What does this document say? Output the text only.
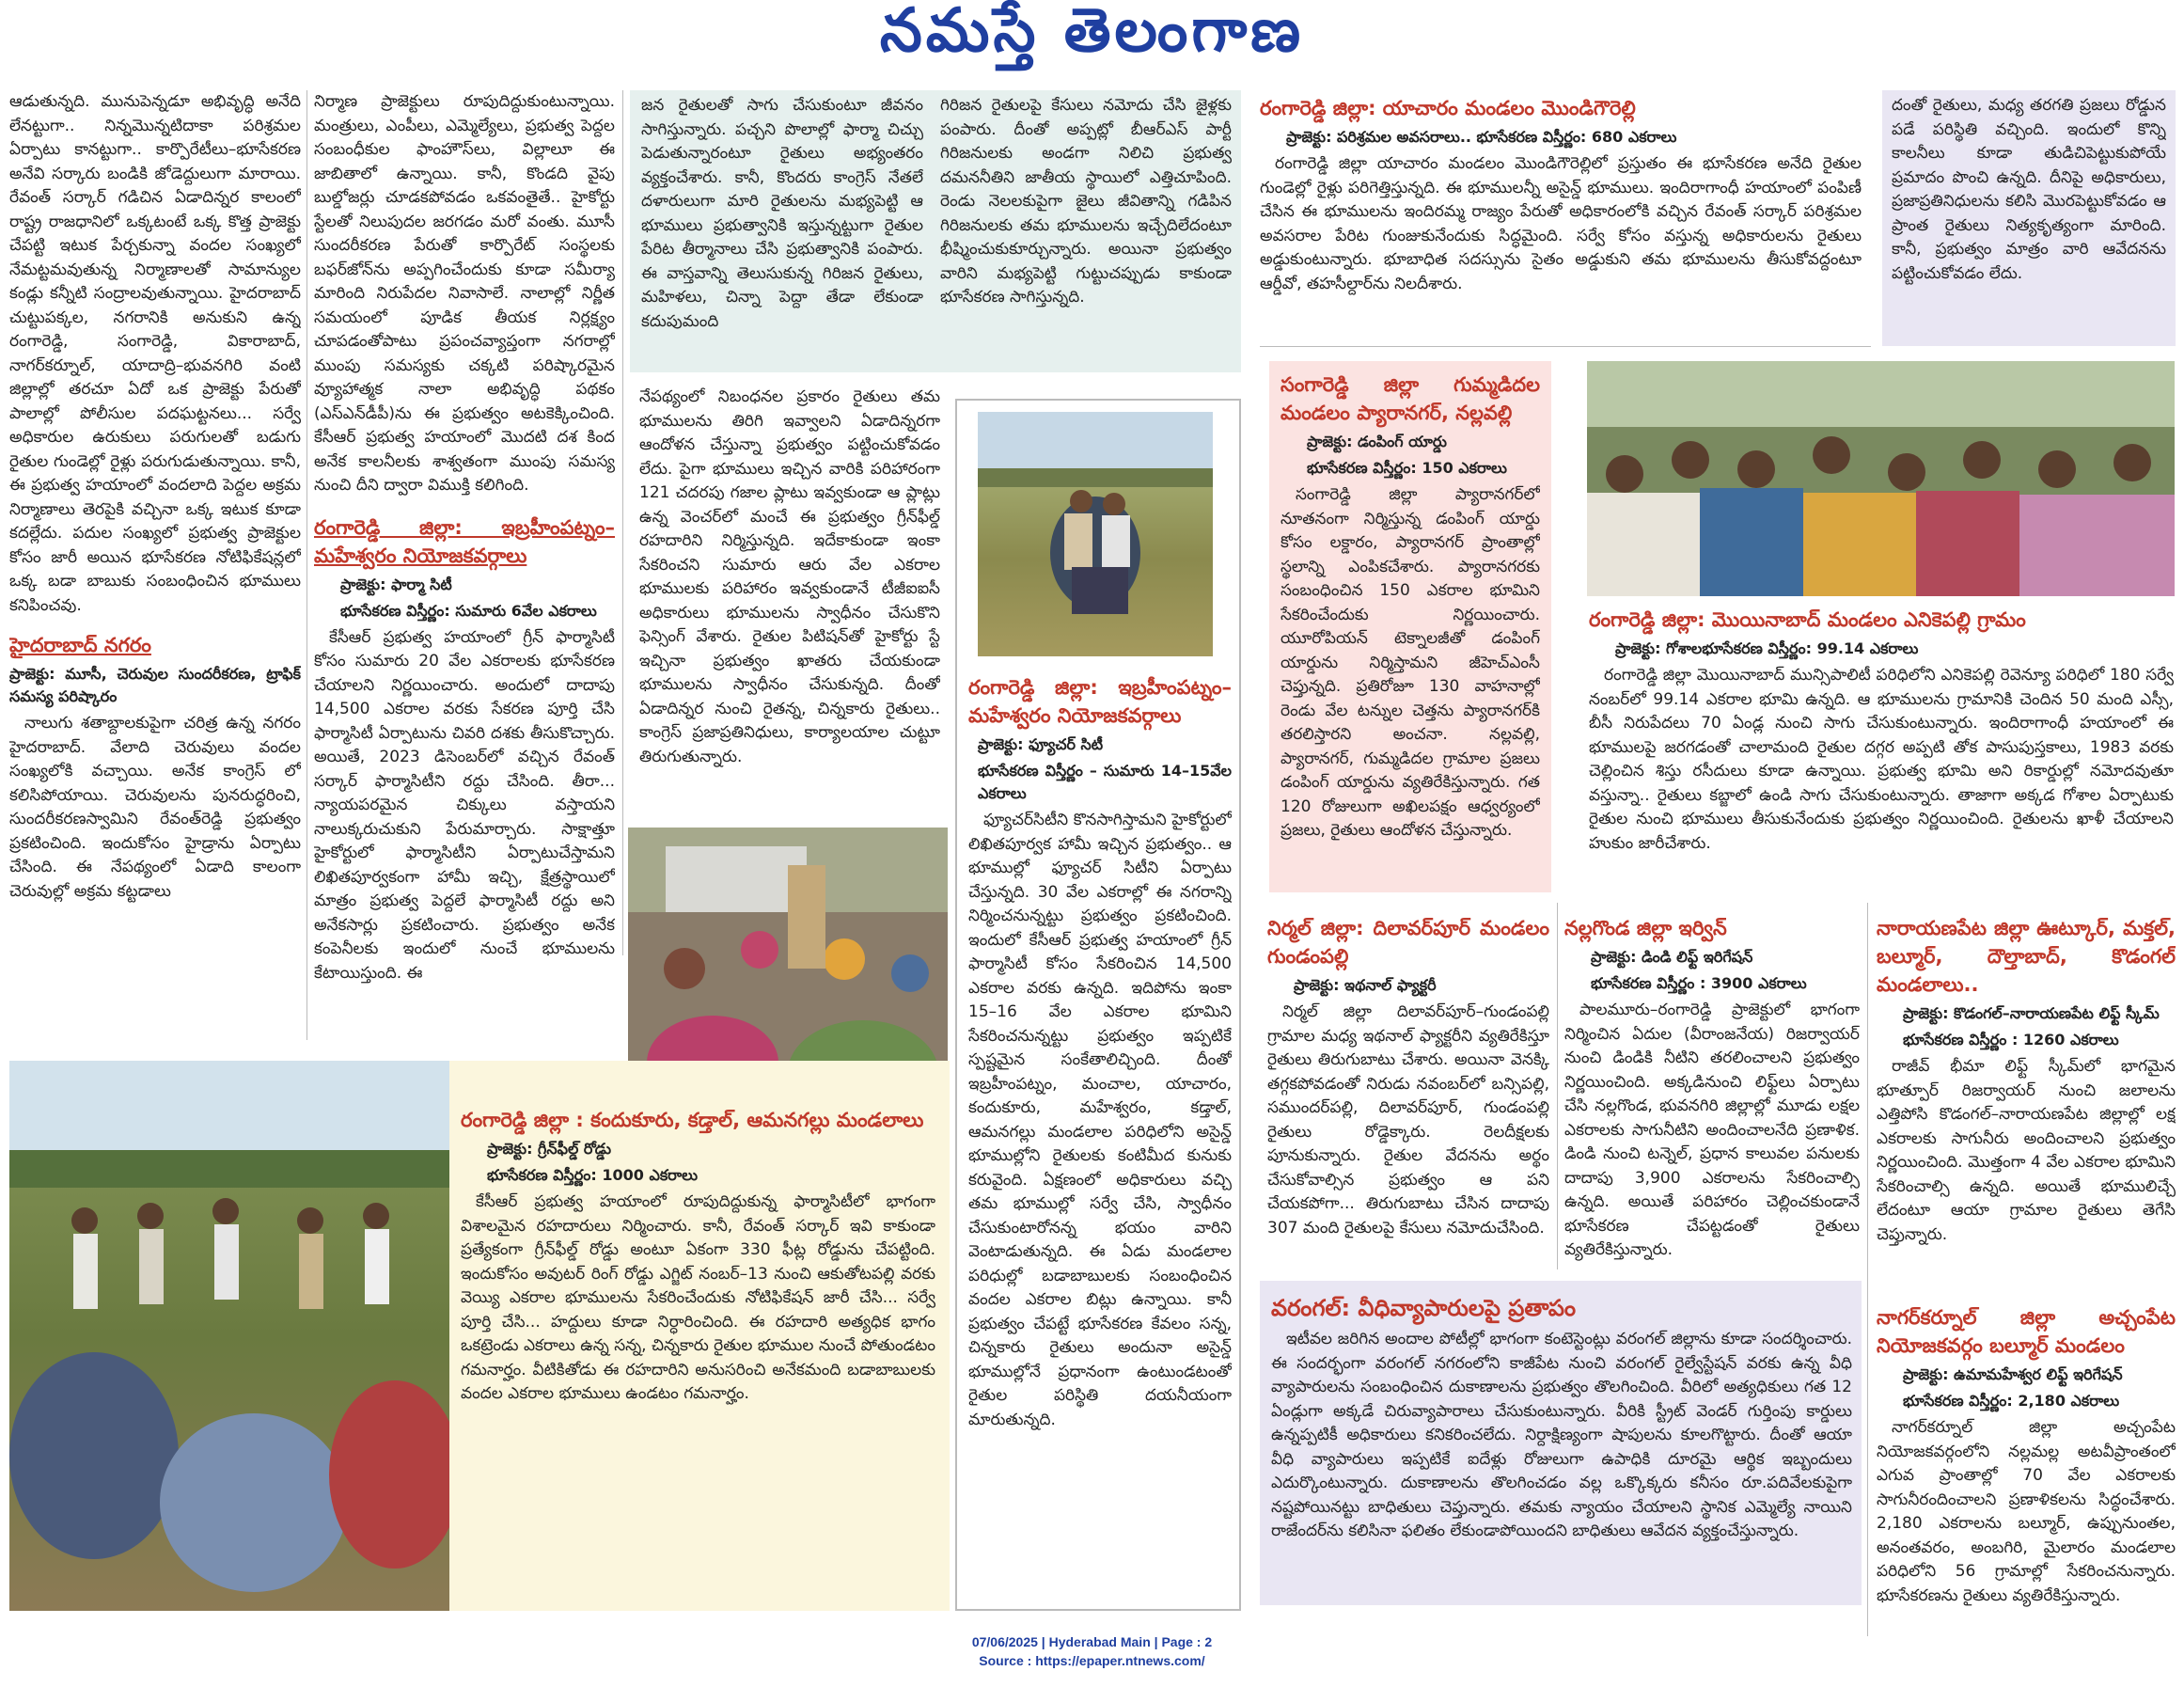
నమస్తే తెలంగాణ

ఆడుతున్నది. మునుపెన్నడూ అభివృద్ధి అనేది లేనట్టుగా.. నిన్నమొన్నటిదాకా పరిశ్రమల ఏర్పాటు కానట్టుగా.. కార్పొరేటీలు–భూసేకరణ అనేవి సర్కారు బండికి జోడెద్దులుగా మారాయి. రేవంత్ సర్కార్ గడిచిన ఏడాదిన్నర కాలంలో రాష్ట్ర రాజధానిలో ఒక్కటంటే ఒక్క కొత్త ప్రాజెక్టు చేపట్టి ఇటుక పేర్చకున్నా వందల సంఖ్యలో నేమట్టమవుతున్న నిర్మాణాలతో సామాన్యుల కండ్లు కన్నీటి సంద్రాలవుతున్నాయి. హైదరాబాద్ చుట్టుపక్కల, నగరానికి అనుకుని ఉన్న రంగారెడ్డి, సంగారెడ్డి, వికారాబాద్, నాగర్‌కర్నూల్, యాదాద్రి–భువనగిరి వంటి జిల్లాల్లో తరచూ ఏదో ఒక ప్రాజెక్టు పేరుతో పాలాల్లో పోలీసుల పదఘట్టనలు... సర్వే అధికారుల ఉరుకులు పరుగులతో బడుగు రైతుల గుండెల్లో రైళ్లు పరుగుడుతున్నాయి. కానీ, ఈ ప్రభుత్వ హయాంలో వందలాది పెద్దల అక్రమ నిర్మాణాలు తెరపైకి వచ్చినా ఒక్క ఇటుక కూడా కదల్లేదు. పదుల సంఖ్యలో ప్రభుత్వ ప్రాజెక్టుల కోసం జారీ అయిన భూసేకరణ నోటిఫికేషన్లలో ఒక్క బడా బాబుకు సంబంధించిన భూములు కనిపించవు.

హైదరాబాద్ నగరం
ప్రాజెక్టు: మూసీ, చెరువుల సుందరీకరణ, ట్రాఫిక్ సమస్య పరిష్కారం

నాలుగు శతాబ్దాలకుపైగా చరిత్ర ఉన్న నగరం హైదరాబాద్. వేలాది చెరువులు వందల సంఖ్యలోకి వచ్చాయి. అనేక కాంగ్రెస్ లో కలిసిపోయాయి. చెరువులను పునరుద్ధరించి, సుందరీకరణస్వామిని రేవంత్‌రెడ్డి ప్రభుత్వం ప్రకటించింది. ఇందుకోసం హైడ్రాను ఏర్పాటు చేసింది. ఈ నేపథ్యంలో ఏడాది కాలంగా చెరువుల్లో అక్రమ కట్టడాలు

నిర్మాణ ప్రాజెక్టులు రూపుదిద్దుకుంటున్నాయి. మంత్రులు, ఎంపీలు, ఎమ్మెల్యేలు, ప్రభుత్వ పెద్దల సంబంధీకుల ఫాంహౌస్‌లు, విల్లాలూ ఈ జాబితాలో ఉన్నాయి. కానీ, కొండది వైపు బుల్డోజర్లు చూడకపోవడం ఒకవంతైతే.. హైకోర్టు స్టేలతో నిలుపుదల జరగడం మరో వంతు. మూసీ సుందరీకరణ పేరుతో కార్పొరేట్ సంస్థలకు బఫర్‌జోన్‌ను అప్పగించేందుకు కూడా సమీర్యా మారింది నిరుపేదల నివాసాలే. నాలాల్లో నిర్ణీత సమయంలో పూడిక తీయక నిర్లక్ష్యం చూపడంతోపాటు ప్రపంచవ్యాప్తంగా నగరాల్లో ముంపు సమస్యకు చక్కటి పరిష్కారమైన వ్యూహాత్మక నాలా అభివృద్ధి పథకం (ఎస్‌ఎన్‌డీపీ)ను ఈ ప్రభుత్వం అటకెక్కించింది. కేసీఆర్ ప్రభుత్వ హయాంలో మొదటి దశ కింద అనేక కాలనీలకు శాశ్వతంగా ముంపు సమస్య నుంచి దీని ద్వారా విముక్తి కలిగింది.

రంగారెడ్డి జిల్లా: ఇబ్రహీంపట్నం–మహేశ్వరం నియోజకవర్గాలు
ప్రాజెక్టు: ఫార్మా సిటీ
భూసేకరణ విస్తీర్ణం: సుమారు 6వేల ఎకరాలు

కేసీఆర్ ప్రభుత్వ హయాంలో గ్రీన్ ఫార్మాసిటీ కోసం సుమారు 20 వేల ఎకరాలకు భూసేకరణ చేయాలని నిర్ణయించారు. అందులో దాదాపు 14,500 ఎకరాల వరకు సేకరణ పూర్తి చేసి ఫార్మాసిటీ ఏర్పాటును చివరి దశకు తీసుకొచ్చారు. అయితే, 2023 డిసెంబర్‌లో వచ్చిన రేవంత్ సర్కార్ ఫార్మాసిటీని రద్దు చేసింది. తీరా... న్యాయపరమైన చిక్కులు వస్తాయని నాలుక్కరుచుకుని పేరుమార్చారు. సాక్షాత్తూ హైకోర్టులో ఫార్మాసిటీని ఏర్పాటుచేస్తామని లిఖితపూర్వకంగా హామీ ఇచ్చి, క్షేత్రస్థాయిలో మాత్రం ప్రభుత్వ పెద్దలే ఫార్మాసిటీ రద్దు అని అనేకసార్లు ప్రకటించారు. ప్రభుత్వం అనేక కంపెనీలకు ఇందులో నుంచే భూములను కేటాయిస్తుంది. ఈ

జన రైతులతో సాగు చేసుకుంటూ జీవనం సాగిస్తున్నారు. పచ్చని పొలాల్లో ఫార్మా చిచ్చు పెడుతున్నారంటూ రైతులు అభ్యంతరం వ్యక్తంచేశారు. కానీ, కొందరు కాంగ్రెస్ నేతలే దళారులుగా మారి రైతులను మభ్యపెట్టి ఆ భూములు ప్రభుత్వానికి ఇస్తున్నట్టుగా రైతుల పేరిట తీర్మానాలు చేసి ప్రభుత్వానికి పంపారు. ఈ వాస్తవాన్ని తెలుసుకున్న గిరిజన రైతులు, మహిళలు, చిన్నా పెద్దా తేడా లేకుండా కదుపుమంది

గిరిజన రైతులపై కేసులు నమోదు చేసి జైళ్లకు పంపారు. దీంతో అప్పట్లో బీఆర్‌ఎస్ పార్టీ గిరిజనులకు అండగా నిలిచి ప్రభుత్వ దమననీతిని జాతీయ స్థాయిలో ఎత్తిచూపింది. రెండు నెలలకుపైగా జైలు జీవితాన్ని గడిపిన గిరిజనులకు తమ భూములను ఇచ్చేదిలేదంటూ భీష్మించుకుకూర్చున్నారు. అయినా ప్రభుత్వం వారిని మభ్యపెట్టి గుట్టుచప్పుడు కాకుండా భూసేకరణ సాగిస్తున్నది.

నేపథ్యంలో నిబంధనల ప్రకారం రైతులు తమ భూములను తిరిగి ఇవ్వాలని ఏడాదిన్నరగా ఆందోళన చేస్తున్నా ప్రభుత్వం పట్టించుకోవడం లేదు. పైగా భూములు ఇచ్చిన వారికి పరిహారంగా 121 చదరపు గజాల ప్లాటు ఇవ్వకుండా ఆ ప్లాట్లు ఉన్న వెంచర్‌లో మంచే ఈ ప్రభుత్వం గ్రీన్‌ఫీల్డ్ రహదారిని నిర్మిస్తున్నది. ఇదేకాకుండా ఇంకా సేకరించని సుమారు ఆరు వేల ఎకరాల భూములకు పరిహారం ఇవ్వకుండానే టీజీఐఐసీ అధికారులు భూములను స్వాధీనం చేసుకొని ఫెన్సింగ్ వేశారు. రైతుల పిటిషన్‌తో హైకోర్టు స్టే ఇచ్చినా ప్రభుత్వం ఖాతరు చేయకుండా భూములను స్వాధీనం చేసుకున్నది. దీంతో ఏడాదిన్నర నుంచి రైతన్న, చిన్నకారు రైతులు.. కాంగ్రెస్ ప్రజాప్రతినిధులు, కార్యాలయాల చుట్టూ తిరుగుతున్నారు.

రంగారెడ్డి జిల్లా: ఇబ్రహీంపట్నం–మహేశ్వరం నియోజకవర్గాలు
ప్రాజెక్టు: ఫ్యూచర్ సిటీ
భూసేకరణ విస్తీర్ణం – సుమారు 14–15వేల ఎకరాలు

ఫ్యూచర్‌సిటీని కొనసాగిస్తామని హైకోర్టులో లిఖితపూర్వక హామీ ఇచ్చిన ప్రభుత్వం.. ఆ భూముల్లో ఫ్యూచర్ సిటీని ఏర్పాటు చేస్తున్నది. 30 వేల ఎకరాల్లో ఈ నగరాన్ని నిర్మించనున్నట్టు ప్రభుత్వం ప్రకటించింది. ఇందులో కేసీఆర్ ప్రభుత్వ హయాంలో గ్రీన్ ఫార్మాసిటీ కోసం సేకరించిన 14,500 ఎకరాల వరకు ఉన్నది. ఇదిపోను ఇంకా 15–16 వేల ఎకరాల భూమిని సేకరించనున్నట్టు ప్రభుత్వం ఇప్పటికే స్పష్టమైన సంకేతాలిచ్చింది. దీంతో ఇబ్రహీంపట్నం, మంచాల, యాచారం, కందుకూరు, మహేశ్వరం, కడ్తాల్, ఆమనగల్లు మండలాల పరిధిలోని అసైన్డ్ భూముల్లోని రైతులకు కంటిమీద కునుకు కరువైంది. ఏక్షణంలో అధికారులు వచ్చి తమ భూముల్లో సర్వే చేసి, స్వాధీనం చేసుకుంటారోనన్న భయం వారిని వెంటాడుతున్నది. ఈ ఏడు మండలాల పరిధుల్లో బడాబాబులకు సంబంధించిన వందల ఎకరాల బిట్లు ఉన్నాయి. కానీ ప్రభుత్వం చేపట్టే భూసేకరణ కేవలం సన్న, చిన్నకారు రైతులు అందునా అసైన్డ్ భూముల్లోనే ప్రధానంగా ఉంటుండటంతో రైతుల పరిస్థితి దయనీయంగా మారుతున్నది.

రంగారెడ్డి జిల్లా : కందుకూరు, కడ్తాల్, ఆమనగల్లు మండలాలు
ప్రాజెక్టు: గ్రీన్‌ఫీల్డ్ రోడ్డు
భూసేకరణ విస్తీర్ణం: 1000 ఎకరాలు

కేసీఆర్ ప్రభుత్వ హయాంలో రూపుదిద్దుకున్న ఫార్మాసిటీలో భాగంగా విశాలమైన రహదారులు నిర్మించారు. కానీ, రేవంత్ సర్కార్ ఇవి కాకుండా ప్రత్యేకంగా గ్రీన్‌ఫీల్డ్ రోడ్డు అంటూ ఏకంగా 330 ఫీట్ల రోడ్డును చేపట్టింది. ఇందుకోసం అవుటర్ రింగ్ రోడ్డు ఎగ్జిట్ నంబర్–13 నుంచి ఆకుతోటపల్లి వరకు వెయ్యి ఎకరాల భూములను సేకరించేందుకు నోటిఫికేషన్ జారీ చేసి... సర్వే పూర్తి చేసి... హద్దులు కూడా నిర్ధారించింది. ఈ రహదారి అత్యధిక భాగం ఒకట్రెండు ఎకరాలు ఉన్న సన్న, చిన్నకారు రైతుల భూముల నుంచే పోతుండటం గమనార్హం. వీటికితోడు ఈ రహదారిని అనుసరించి అనేకమంది బడాబాబులకు వందల ఎకరాల భూములు ఉండటం గమనార్హం.

రంగారెడ్డి జిల్లా: యాచారం మండలం మొండిగౌరెల్లి
ప్రాజెక్టు: పరిశ్రమల అవసరాలు.. భూసేకరణ విస్తీర్ణం: 680 ఎకరాలు

రంగారెడ్డి జిల్లా యాచారం మండలం మొండిగౌరెల్లిలో ప్రస్తుతం ఈ భూసేకరణ అనేది రైతుల గుండెల్లో రైళ్లు పరిగెత్తిస్తున్నది. ఈ భూములన్నీ అసైన్డ్ భూములు. ఇందిరాగాంధీ హయాంలో పంపిణీ చేసిన ఈ భూములను ఇందిరమ్మ రాజ్యం పేరుతో అధికారంలోకి వచ్చిన రేవంత్ సర్కార్ పరిశ్రమల అవసరాల పేరిట గుంజుకునేందుకు సిద్ధమైంది. సర్వే కోసం వస్తున్న అధికారులను రైతులు అడ్డుకుంటున్నారు. భూబాధిత సదస్సును సైతం అడ్డుకుని తమ భూములను తీసుకోవద్దంటూ ఆర్డీవో, తహసీల్దార్‌ను నిలదీశారు.

దంతో రైతులు, మధ్య తరగతి ప్రజలు రోడ్డున పడే పరిస్థితి వచ్చింది. ఇందులో కొన్ని కాలనీలు కూడా తుడిచిపెట్టుకుపోయే ప్రమాదం పొంచి ఉన్నది. దీనిపై అధికారులు, ప్రజాప్రతినిధులను కలిసి మొరపెట్టుకోవడం ఆ ప్రాంత రైతులు నిత్యకృత్యంగా మారింది. కానీ, ప్రభుత్వం మాత్రం వారి ఆవేదనను పట్టించుకోవడం లేదు.

సంగారెడ్డి జిల్లా గుమ్మడిదల మండలం ప్యారానగర్, నల్లవల్లి
ప్రాజెక్టు: డంపింగ్ యార్డు
భూసేకరణ విస్తీర్ణం: 150 ఎకరాలు

సంగారెడ్డి జిల్లా ప్యారానగర్‌లో నూతనంగా నిర్మిస్తున్న డంపింగ్ యార్డు కోసం లక్డారం, ప్యారానగర్ ప్రాంతాల్లో స్థలాన్ని ఎంపికచేశారు. ప్యారానగరకు సంబంధించిన 150 ఎకరాల భూమిని సేకరించేందుకు నిర్ణయించారు. యూరోపియన్ టెక్నాలజీతో డంపింగ్ యార్డును నిర్మిస్తామని జీహెచ్‌ఎంసీ చెప్తున్నది. ప్రతిరోజూ 130 వాహనాల్లో రెండు వేల టన్నుల చెత్తను ప్యారానగర్‌కి తరలిస్తారని అంచనా. నల్లవల్లి, ప్యారానగర్, గుమ్మడిదల గ్రామాల ప్రజలు డంపింగ్ యార్డును వ్యతిరేకిస్తున్నారు. గత 120 రోజులుగా అఖిలపక్షం ఆధ్వర్యంలో ప్రజలు, రైతులు ఆందోళన చేస్తున్నారు.

రంగారెడ్డి జిల్లా: మొయినాబాద్ మండలం ఎనికెపల్లి గ్రామం
ప్రాజెక్టు: గోశాలభూసేకరణ విస్తీర్ణం: 99.14 ఎకరాలు

రంగారెడ్డి జిల్లా మొయినాబాద్ మున్సిపాలిటీ పరిధిలోని ఎనికెపల్లి రెవెన్యూ పరిధిలో 180 సర్వే నంబర్‌లో 99.14 ఎకరాల భూమి ఉన్నది. ఆ భూములను గ్రామానికి చెందిన 50 మంది ఎస్సీ, బీసీ నిరుపేదలు 70 ఏండ్ల నుంచి సాగు చేసుకుంటున్నారు. ఇందిరాగాంధీ హయాంలో ఈ భూములపై జరగడంతో చాలామంది రైతుల దగ్గర అప్పటి తోక పాసుపుస్తకాలు, 1983 వరకు చెల్లించిన శిస్తు రసీదులు కూడా ఉన్నాయి. ప్రభుత్వ భూమి అని రికార్డుల్లో నమోదవుతూ వస్తున్నా.. రైతులు కబ్జాలో ఉండి సాగు చేసుకుంటున్నారు. తాజాగా అక్కడ గోశాల ఏర్పాటుకు రైతుల నుంచి భూములు తీసుకునేందుకు ప్రభుత్వం నిర్ణయించింది. రైతులను ఖాళీ చేయాలని హుకుం జారీచేశారు.

నిర్మల్ జిల్లా: దిలావర్‌పూర్ మండలం గుండంపల్లి
ప్రాజెక్టు: ఇథనాల్ ఫ్యాక్టరీ

నిర్మల్ జిల్లా దిలావర్‌పూర్–గుండంపల్లి గ్రామాల మధ్య ఇథనాల్ ఫ్యాక్టరీని వ్యతిరేకిస్తూ రైతులు తిరుగుబాటు చేశారు. అయినా వెనక్కి తగ్గకపోవడంతో నిరుడు నవంబర్‌లో బన్సిపల్లి, సముందర్‌పల్లి, దిలావర్‌పూర్, గుండంపల్లి రైతులు రోడ్డెక్కారు. రెలదీక్షలకు పూనుకున్నారు. రైతుల వేదనను అర్థం చేసుకోవాల్సిన ప్రభుత్వం ఆ పని చేయకపోగా... తిరుగుబాటు చేసిన దాదాపు 307 మంది రైతులపై కేసులు నమోదుచేసింది.

నల్లగొండ జిల్లా ఇర్విన్
ప్రాజెక్టు: డిండి లిఫ్ట్ ఇరిగేషన్
భూసేకరణ విస్తీర్ణం : 3900 ఎకరాలు

పాలమూరు–రంగారెడ్డి ప్రాజెక్టులో భాగంగా నిర్మించిన ఏదుల (వీరాంజనేయ) రిజర్వాయర్ నుంచి డిండికి నీటిని తరలించాలని ప్రభుత్వం నిర్ణయించింది. అక్కడినుంచి లిఫ్ట్‌లు ఏర్పాటు చేసి నల్లగొండ, భువనగిరి జిల్లాల్లో మూడు లక్షల ఎకరాలకు సాగునీటిని అందించాలనేది ప్రణాళిక. డిండి నుంచి టన్నెల్, ప్రధాన కాలువల పనులకు దాదాపు 3,900 ఎకరాలను సేకరించాల్సి ఉన్నది. అయితే పరిహారం చెల్లించకుండానే భూసేకరణ చేపట్టడంతో రైతులు వ్యతిరేకిస్తున్నారు.

నారాయణపేట జిల్లా ఊట్కూర్, మక్తల్, బల్మూర్, దౌల్తాబాద్, కొడంగల్ మండలాలు..
ప్రాజెక్టు: కొడంగల్–నారాయణపేట లిఫ్ట్ స్కీమ్
భూసేకరణ విస్తీర్ణం : 1260 ఎకరాలు

రాజీవ్ భీమా లిఫ్ట్ స్కీమ్‌లో భాగమైన భూత్పూర్ రిజర్వాయర్ నుంచి జలాలను ఎత్తిపోసి కొడంగల్–నారాయణపేట జిల్లాల్లో లక్ష ఎకరాలకు సాగునీరు అందించాలని ప్రభుత్వం నిర్ణయించింది. మొత్తంగా 4 వేల ఎకరాల భూమిని సేకరించాల్సి ఉన్నది. అయితే భూములిచ్చే లేదంటూ ఆయా గ్రామాల రైతులు తెగేసి చెప్తున్నారు.

వరంగల్: వీధివ్యాపారులపై ప్రతాపం

ఇటీవల జరిగిన అందాల పోటీల్లో భాగంగా కంటెస్టెంట్లు వరంగల్ జిల్లాను కూడా సందర్శించారు. ఈ సందర్భంగా వరంగల్ నగరంలోని కాజీపేట నుంచి వరంగల్ రైల్వేస్టేషన్ వరకు ఉన్న వీధి వ్యాపారులను సంబంధించిన దుకాణాలను ప్రభుత్వం తొలగించింది. వీరిలో అత్యధికులు గత 12 ఏండ్లుగా అక్కడే చిరువ్యాపారాలు చేసుకుంటున్నారు. వీరికి స్ట్రీట్ వెండర్ గుర్తింపు కార్డులు ఉన్నప్పటికీ అధికారులు కనికరించలేదు. నిర్దాక్షిణ్యంగా షాపులను కూలగొట్టారు. దీంతో ఆయా వీధి వ్యాపారులు ఇప్పటికే ఐదేళ్లు రోజులుగా ఉపాధికి దూరమై ఆర్థిక ఇబ్బందులు ఎదుర్కొంటున్నారు. దుకాణాలను తొలగించడం వల్ల ఒక్కొక్కరు కనీసం రూ.పదివేలకుపైగా నష్టపోయినట్టు బాధితులు చెప్తున్నారు. తమకు న్యాయం చేయాలని స్థానిక ఎమ్మెల్యే నాయిని రాజేందర్‌ను కలిసినా ఫలితం లేకుండాపోయిందని బాధితులు ఆవేదన వ్యక్తంచేస్తున్నారు.

నాగర్‌కర్నూల్ జిల్లా అచ్చంపేట నియోజకవర్గం బల్మూర్ మండలం
ప్రాజెక్టు: ఉమామహేశ్వర లిఫ్ట్ ఇరిగేషన్
భూసేకరణ విస్తీర్ణం: 2,180 ఎకరాలు

నాగర్‌కర్నూల్ జిల్లా అచ్చంపేట నియోజకవర్గంలోని నల్లమల్ల అటవీప్రాంతంలో ఎగువ ప్రాంతాల్లో 70 వేల ఎకరాలకు సాగునీరందించాలని ప్రణాళికలను సిద్ధంచేశారు. 2,180 ఎకరాలను బల్మూర్, ఉప్పునుంతల, అనంతవరం, అంబగిరి, మైలారం మండలాల పరిధిలోని 56 గ్రామాల్లో సేకరించనున్నారు. భూసేకరణను రైతులు వ్యతిరేకిస్తున్నారు.

07/06/2025 | Hyderabad Main | Page : 2
Source : https://epaper.ntnews.com/
